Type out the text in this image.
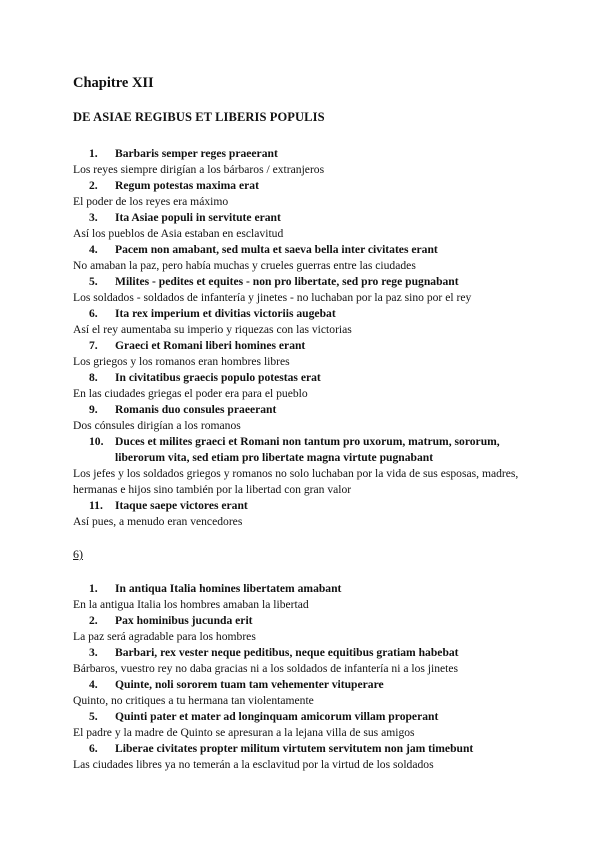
Chapitre XII
DE ASIAE REGIBUS ET LIBERIS POPULIS
1.	Barbaris semper reges praeerant
Los reyes siempre dirigían a los bárbaros / extranjeros
2.	Regum potestas maxima erat
El poder de los reyes era máximo
3.	Ita Asiae populi in servitute erant
Así los pueblos de Asia estaban en esclavitud
4.	Pacem non amabant, sed multa et saeva bella inter civitates erant
No amaban la paz, pero había muchas y crueles guerras entre las ciudades
5.	Milites - pedites et equites - non pro libertate, sed pro rege pugnabant
Los soldados - soldados de infantería y jinetes - no luchaban por la paz sino por el rey
6.	Ita rex imperium et divitias victoriis augebat
Así el rey aumentaba su imperio y riquezas con las victorias
7.	Graeci et Romani liberi homines erant
Los griegos y los romanos eran hombres libres
8.	In civitatibus graecis populo potestas erat
En las ciudades griegas el poder era para el pueblo
9.	Romanis duo consules praeerant
Dos cónsules dirigían a los romanos
10. Duces et milites graeci et Romani non tantum pro uxorum, matrum, sororum, liberorum vita, sed etiam pro libertate magna virtute pugnabant
Los jefes y los soldados griegos y romanos no solo luchaban por la vida de sus esposas, madres, hermanas e hijos sino también por la libertad con gran valor
11.	Itaque saepe victores erant
Así pues, a menudo eran vencedores
6)
1.	In antiqua Italia homines libertatem amabant
En la antigua Italia los hombres amaban la libertad
2.	Pax hominibus jucunda erit
La paz será agradable para los hombres
3.	Barbari, rex vester neque peditibus, neque equitibus gratiam habebat
Bárbaros, vuestro rey no daba gracias ni a los soldados de infantería ni a los jinetes
4.	Quinte, noli sororem tuam tam vehementer vituperare
Quinto, no critiques a tu hermana tan violentamente
5.	Quinti pater et mater ad longinquam amicorum villam properant
El padre y la madre de Quinto se apresuran a la lejana villa de sus amigos
6.	Liberae civitates propter militum virtutem servitutem non jam timebunt
Las ciudades libres ya no temerán a la esclavitud por la virtud de los soldados
